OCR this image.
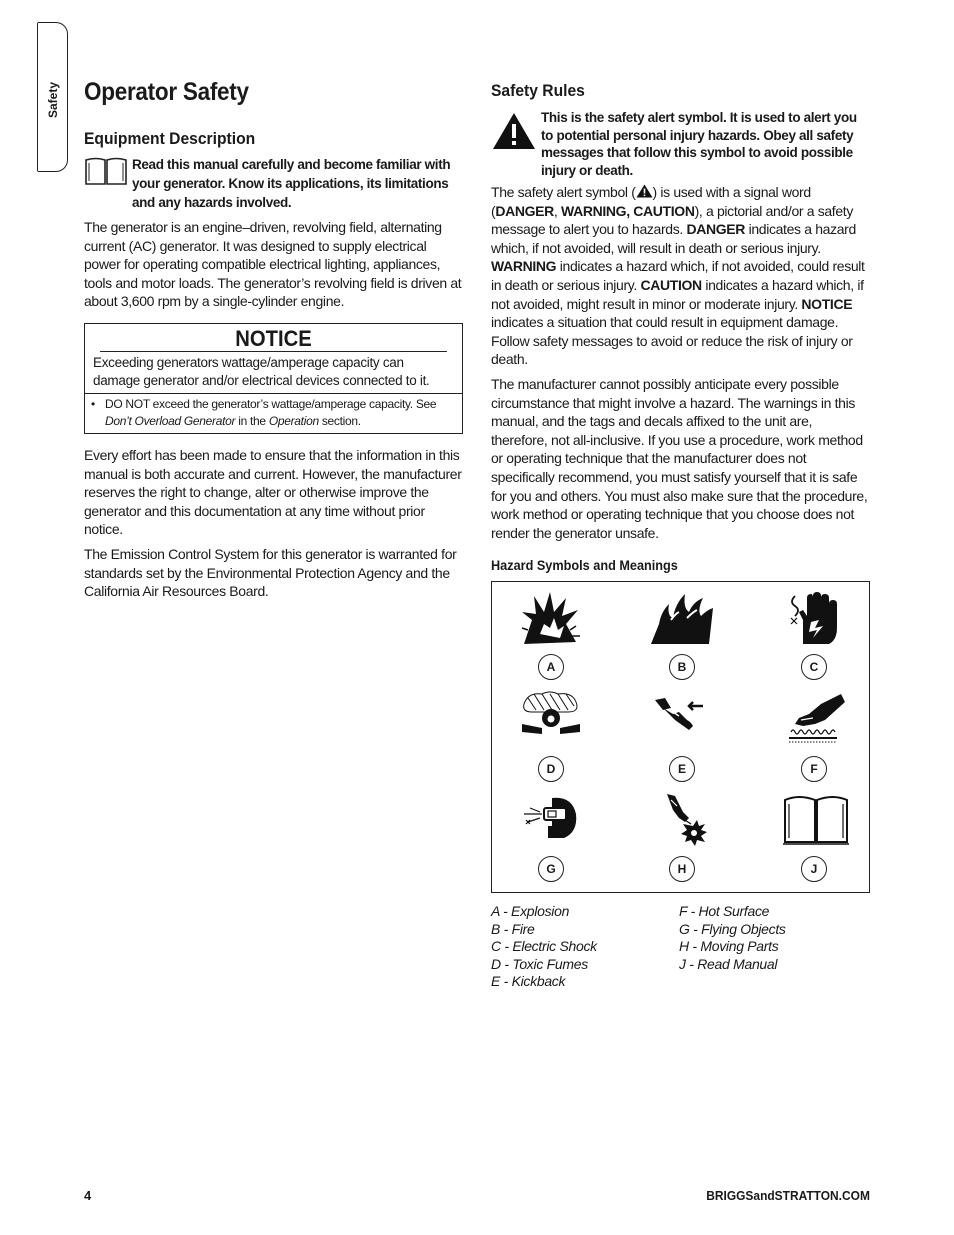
Safety Operator Safety
Equipment Description
Read this manual carefully and become familiar with your generator. Know its applications, its limitations and any hazards involved.

The generator is an engine–driven, revolving field, alternating current (AC) generator. It was designed to supply electrical power for operating compatible electrical lighting, appliances, tools and motor loads. The generator’s revolving field is driven at about 3,600 rpm by a single-cylinder engine.

NOTICE
Exceeding generators wattage/amperage capacity can damage generator and/or electrical devices connected to it.
• DO NOT exceed the generator’s wattage/amperage capacity. See Don’t Overload Generator in the Operation section.

Every effort has been made to ensure that the information in this manual is both accurate and current. However, the manufacturer reserves the right to change, alter or otherwise improve the generator and this documentation at any time without prior notice.

The Emission Control System for this generator is warranted for standards set by the Environmental Protection Agency and the California Air Resources Board.

Safety Rules
This is the safety alert symbol. It is used to alert you to potential personal injury hazards. Obey all safety messages that follow this symbol to avoid possible injury or death.

The safety alert symbol ( ) is used with a signal word (DANGER, WARNING, CAUTION), a pictorial and/or a safety message to alert you to hazards. DANGER indicates a hazard which, if not avoided, will result in death or serious injury. WARNING indicates a hazard which, if not avoided, could result in death or serious injury. CAUTION indicates a hazard which, if not avoided, might result in minor or moderate injury. NOTICE indicates a situation that could result in equipment damage. Follow safety messages to avoid or reduce the risk of injury or death.

The manufacturer cannot possibly anticipate every possible circumstance that might involve a hazard. The warnings in this manual, and the tags and decals affixed to the unit are, therefore, not all-inclusive. If you use a procedure, work method or operating technique that the manufacturer does not specifically recommend, you must satisfy yourself that it is safe for you and others. You must also make sure that the procedure, work method or operating technique that you choose does not render the generator unsafe.

Hazard Symbols and Meanings
A	B	C
D	E	F
G	H	J
A - Explosion
B - Fire
C - Electric Shock
D - Toxic Fumes
E - Kickback
F - Hot Surface
G - Flying Objects
H - Moving Parts
J - Read Manual
4	BRIGGSandSTRATTON.COM
